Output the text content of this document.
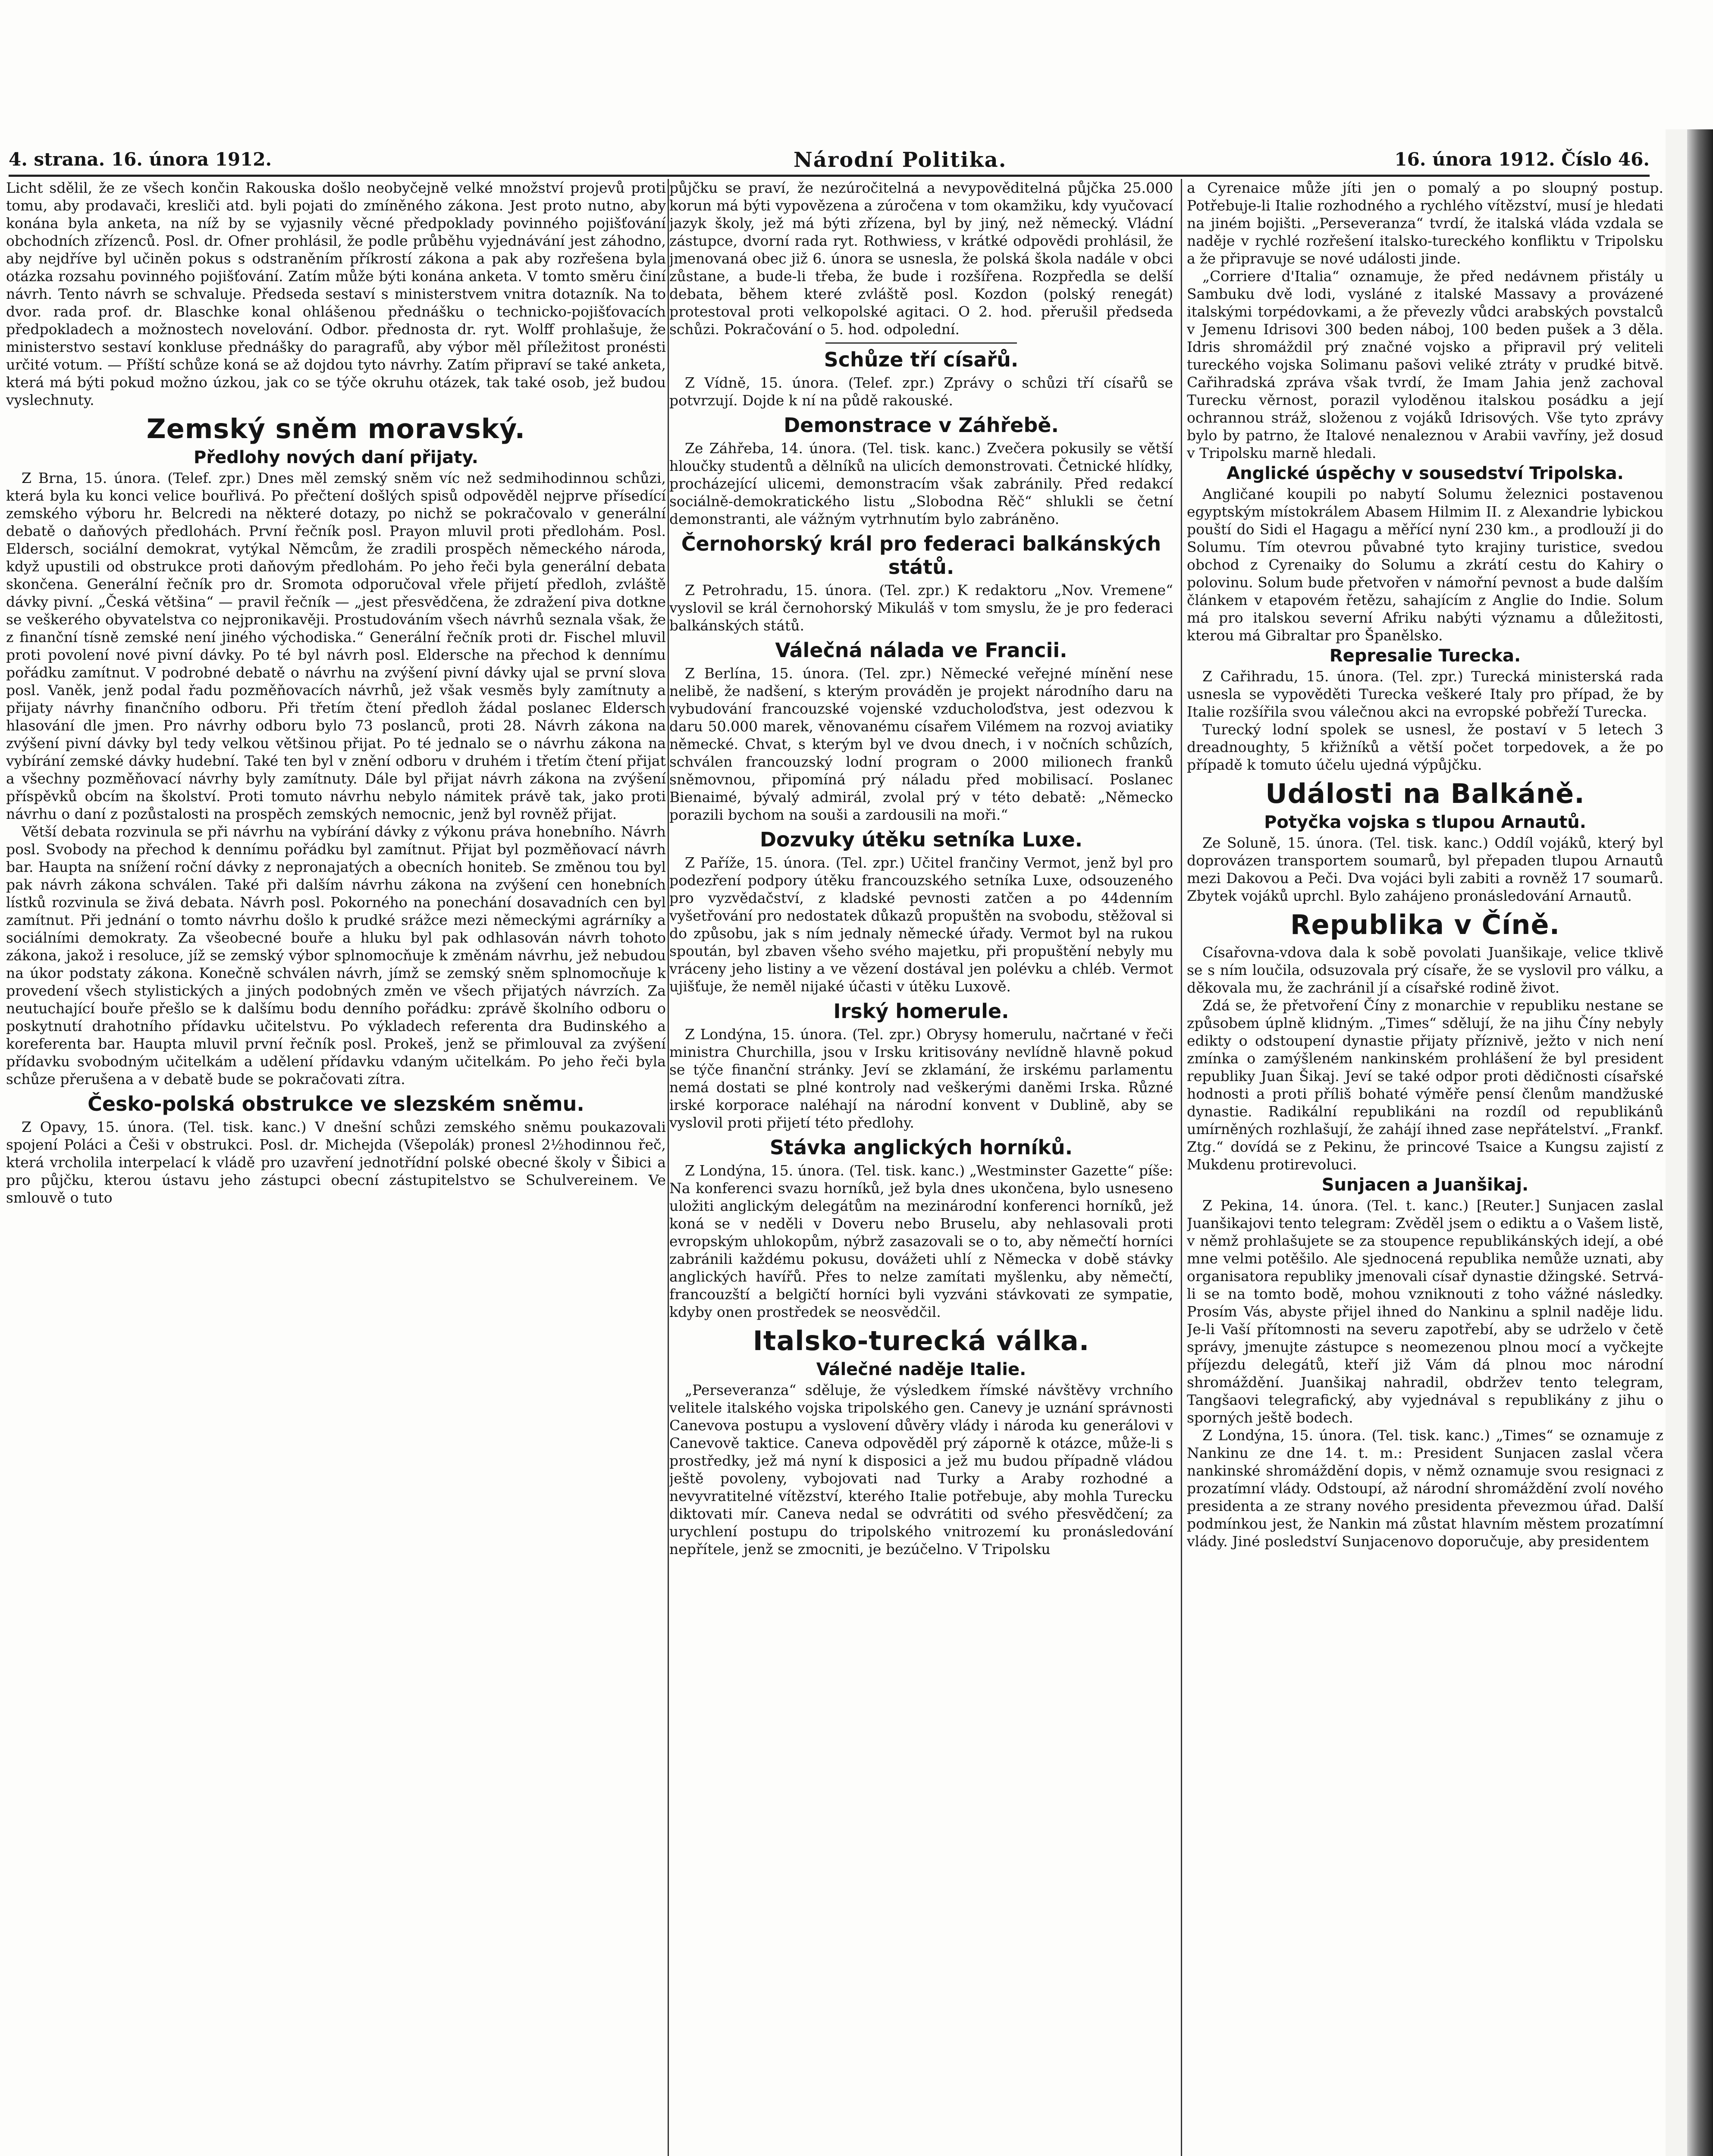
4. strana. 16. února 1912.	Národní Politika.	16. února 1912. Číslo 46.

Licht sdělil, že ze všech končin Rakouska došlo neobyčejně velké množství projevů proti tomu, aby prodavači, kresliči atd. byli pojati do zmíněného zákona. Jest proto nutno, aby konána byla anketa, na níž by se vyjasnily věcné předpoklady povinného pojišťování obchodních zřízenců. Posl. dr. Ofner prohlásil, že podle průběhu vyjednávání jest záhodno, aby nejdříve byl učiněn pokus s odstraněním příkrostí zákona a pak aby rozřešena byla otázka rozsahu povinného pojišťování. Zatím může býti konána anketa. V tomto směru činí návrh. Tento návrh se schvaluje. Předseda sestaví s ministerstvem vnitra dotazník. Na to dvor. rada prof. dr. Blaschke konal ohlášenou přednášku o technicko-pojišťovacích předpokladech a možnostech novelování. Odbor. přednosta dr. ryt. Wolff prohlašuje, že ministerstvo sestaví konkluse přednášky do paragrafů, aby výbor měl příležitost pronésti určité votum. — Příští schůze koná se až dojdou tyto návrhy. Zatím připraví se také anketa, která má býti pokud možno úzkou, jak co se týče okruhu otázek, tak také osob, jež budou vyslechnuty.

Zemský sněm moravský.
Předlohy nových daní přijaty.

Z Brna, 15. února. (Telef. zpr.) Dnes měl zemský sněm víc než sedmihodinnou schůzi, která byla ku konci velice bouřlivá. Po přečtení došlých spisů odpověděl nejprve přísedící zemského výboru hr. Belcredi na některé dotazy, po nichž se pokračovalo v generální debatě o daňových předlohách. První řečník posl. Prayon mluvil proti předlohám. Posl. Eldersch, sociální demokrat, vytýkal Němcům, že zradili prospěch německého národa, když upustili od obstrukce proti daňovým předlohám. Po jeho řeči byla generální debata skončena. Generální řečník pro dr. Sromota odporučoval vřele přijetí předloh, zvláště dávky pivní. „Česká většina“ — pravil řečník — „jest přesvědčena, že zdražení piva dotkne se veškerého obyvatelstva co nejpronikavěji. Prostudováním všech návrhů seznala však, že z finanční tísně zemské není jiného východiska.“ Generální řečník proti dr. Fischel mluvil proti povolení nové pivní dávky. Po té byl návrh posl. Eldersche na přechod k dennímu pořádku zamítnut. V podrobné debatě o návrhu na zvýšení pivní dávky ujal se první slova posl. Vaněk, jenž podal řadu pozměňovacích návrhů, jež však vesměs byly zamítnuty a přijaty návrhy finančního odboru. Při třetím čtení předloh žádal poslanec Eldersch hlasování dle jmen. Pro návrhy odboru bylo 73 poslanců, proti 28. Návrh zákona na zvýšení pivní dávky byl tedy velkou většinou přijat. Po té jednalo se o návrhu zákona na vybírání zemské dávky hudební. Také ten byl v znění odboru v druhém i třetím čtení přijat a všechny pozměňovací návrhy byly zamítnuty. Dále byl přijat návrh zákona na zvýšení příspěvků obcím na školství. Proti tomuto návrhu nebylo námitek právě tak, jako proti návrhu o daní z pozůstalosti na prospěch zemských nemocnic, jenž byl rovněž přijat.

Větší debata rozvinula se při návrhu na vybírání dávky z výkonu práva honebního. Návrh posl. Svobody na přechod k dennímu pořádku byl zamítnut. Přijat byl pozměňovací návrh bar. Haupta na snížení roční dávky z nepronajatých a obecních honiteb. Se změnou tou byl pak návrh zákona schválen. Také při dalším návrhu zákona na zvýšení cen honebních lístků rozvinula se živá debata. Návrh posl. Pokorného na ponechání dosavadních cen byl zamítnut. Při jednání o tomto návrhu došlo k prudké srážce mezi německými agrárníky a sociálními demokraty. Za všeobecné bouře a hluku byl pak odhlasován návrh tohoto zákona, jakož i resoluce, jíž se zemský výbor splnomocňuje k změnám návrhu, jež nebudou na úkor podstaty zákona. Konečně schválen návrh, jímž se zemský sněm splnomocňuje k provedení všech stylistických a jiných podobných změn ve všech přijatých návrzích. Za neutuchající bouře přešlo se k dalšímu bodu denního pořádku: zprávě školního odboru o poskytnutí drahotního přídavku učitelstvu. Po výkladech referenta dra Budinského a koreferenta bar. Haupta mluvil první řečník posl. Prokeš, jenž se přimlouval za zvýšení přídavku svobodným učitelkám a udělení přídavku vdaným učitelkám. Po jeho řeči byla schůze přerušena a v debatě bude se pokračovati zítra.

Česko-polská obstrukce ve slezském sněmu.

Z Opavy, 15. února. (Tel. tisk. kanc.) V dnešní schůzi zemského sněmu poukazovali spojení Poláci a Češi v obstrukci. Posl. dr. Michejda (Všepolák) pronesl 2½hodinnou řeč, která vrcholila interpelací k vládě pro uzavření jednotřídní polské obecné školy v Šibici a pro půjčku, kterou ústavu jeho zástupci obecní zástupitelstvo se Schulvereinem. Ve smlouvě o tuto

půjčku se praví, že nezúročitelná a nevypověditelná půjčka 25.000 korun má býti vypovězena a zúročena v tom okamžiku, kdy vyučovací jazyk školy, jež má býti zřízena, byl by jiný, než německý. Vládní zástupce, dvorní rada ryt. Rothwiess, v krátké odpovědi prohlásil, že jmenovaná obec již 6. února se usnesla, že polská škola nadále v obci zůstane, a bude-li třeba, že bude i rozšířena. Rozpředla se delší debata, během které zvláště posl. Kozdon (polský renegát) protestoval proti velkopolské agitaci. O 2. hod. přerušil předseda schůzi. Pokračování o 5. hod. odpolední.

Schůze tří císařů.

Z Vídně, 15. února. (Telef. zpr.) Zprávy o schůzi tří císařů se potvrzují. Dojde k ní na půdě rakouské.

Demonstrace v Záhřebě.

Ze Záhřeba, 14. února. (Tel. tisk. kanc.) Zvečera pokusily se větší hloučky studentů a dělníků na ulicích demonstrovati. Četnické hlídky, procházející ulicemi, demonstracím však zabránily. Před redakcí sociálně-demokratického listu „Slobodna Rěč“ shlukli se četní demonstranti, ale vážným vytrhnutím bylo zabráněno.

Černohorský král pro federaci balkánských států.

Z Petrohradu, 15. února. (Tel. zpr.) K redaktoru „Nov. Vremene“ vyslovil se král černohorský Mikuláš v tom smyslu, že je pro federaci balkánských států.

Válečná nálada ve Francii.

Z Berlína, 15. února. (Tel. zpr.) Německé veřejné mínění nese nelibě, že nadšení, s kterým prováděn je projekt národního daru na vybudování francouzské vojenské vzducholoďstva, jest odezvou k daru 50.000 marek, věnovanému císařem Vilémem na rozvoj aviatiky německé. Chvat, s kterým byl ve dvou dnech, i v nočních schůzích, schválen francouzský lodní program o 2000 milionech franků sněmovnou, připomíná prý náladu před mobilisací. Poslanec Bienaimé, bývalý admirál, zvolal prý v této debatě: „Německo porazili bychom na souši a zardousili na moři.“

Dozvuky útěku setníka Luxe.

Z Paříže, 15. února. (Tel. zpr.) Učitel frančiny Vermot, jenž byl pro podezření podpory útěku francouzského setníka Luxe, odsouzeného pro vyzvědačství, z kladské pevnosti zatčen a po 44denním vyšetřování pro nedostatek důkazů propuštěn na svobodu, stěžoval si do způsobu, jak s ním jednaly německé úřady. Vermot byl na rukou spoután, byl zbaven všeho svého majetku, při propuštění nebyly mu vráceny jeho listiny a ve vězení dostával jen polévku a chléb. Vermot ujišťuje, že neměl nijaké účasti v útěku Luxově.

Irský homerule.

Z Londýna, 15. února. (Tel. zpr.) Obrysy homerulu, načrtané v řeči ministra Churchilla, jsou v Irsku kritisovány nevlídně hlavně pokud se týče finanční stránky. Jeví se zklamání, že irskému parlamentu nemá dostati se plné kontroly nad veškerými daněmi Irska. Různé irské korporace naléhají na národní konvent v Dublině, aby se vyslovil proti přijetí této předlohy.

Stávka anglických horníků.

Z Londýna, 15. února. (Tel. tisk. kanc.) „Westminster Gazette“ píše: Na konferenci svazu horníků, jež byla dnes ukončena, bylo usneseno uložiti anglickým delegátům na mezinárodní konferenci horníků, jež koná se v neděli v Doveru nebo Bruselu, aby nehlasovali proti evropským uhlokopům, nýbrž zasazovali se o to, aby němečtí horníci zabránili každému pokusu, dovážeti uhlí z Německa v době stávky anglických havířů. Přes to nelze zamítati myšlenku, aby němečtí, francouzští a belgičtí horníci byli vyzváni stávkovati ze sympatie, kdyby onen prostředek se neosvědčil.

Italsko-turecká válka.
Válečné naděje Italie.

„Perseveranza“ sděluje, že výsledkem římské návštěvy vrchního velitele italského vojska tripolského gen. Canevy je uznání správnosti Canevova postupu a vyslovení důvěry vlády i národa ku generálovi v Canevově taktice. Caneva odpověděl prý záporně k otázce, může-li s prostředky, jež má nyní k disposici a jež mu budou případně vládou ještě povoleny, vybojovati nad Turky a Araby rozhodné a nevyvratitelné vítězství, kterého Italie potřebuje, aby mohla Turecku diktovati mír. Caneva nedal se odvrátiti od svého přesvědčení; za urychlení postupu do tripolského vnitrozemí ku pronásledování nepřítele, jenž se zmocniti, je bezúčelno. V Tripolsku

a Cyrenaice může jíti jen o pomalý a po sloupný postup. Potřebuje-li Italie rozhodného a rychlého vítězství, musí je hledati na jiném bojišti. „Perseveranza“ tvrdí, že italská vláda vzdala se naděje v rychlé rozřešení italsko-tureckého konfliktu v Tripolsku a že připravuje se nové události jinde.

„Corriere d'Italia“ oznamuje, že před nedávnem přistály u Sambuku dvě lodi, vysláné z italské Massavy a provázené italskými torpédovkami, a že převezly vůdci arabských povstalců v Jemenu Idrisovi 300 beden náboj, 100 beden pušek a 3 děla. Idris shromáždil prý značné vojsko a připravil prý veliteli tureckého vojska Solimanu pašovi veliké ztráty v prudké bitvě. Cařihradská zpráva však tvrdí, že Imam Jahia jenž zachoval Turecku věrnost, porazil vyloděnou italskou posádku a její ochrannou stráž, složenou z vojáků Idrisových. Vše tyto zprávy bylo by patrno, že Italové nenaleznou v Arabii vavříny, jež dosud v Tripolsku marně hledali.

Anglické úspěchy v sousedství Tripolska.

Angličané koupili po nabytí Solumu železnici postavenou egyptským místokrálem Abasem Hilmim II. z Alexandrie lybickou pouští do Sidi el Hagagu a měřící nyní 230 km., a prodlouží ji do Solumu. Tím otevrou půvabné tyto krajiny turistice, svedou obchod z Cyrenaiky do Solumu a zkrátí cestu do Kahiry o polovinu. Solum bude přetvořen v námořní pevnost a bude dalším článkem v etapovém řetězu, sahajícím z Anglie do Indie. Solum má pro italskou severní Afriku nabýti významu a důležitosti, kterou má Gibraltar pro Španělsko.

Represalie Turecka.

Z Cařihradu, 15. února. (Tel. zpr.) Turecká ministerská rada usnesla se vypověděti Turecka veškeré Italy pro případ, že by Italie rozšířila svou válečnou akci na evropské pobřeží Turecka.

Turecký lodní spolek se usnesl, že postaví v 5 letech 3 dreadnoughty, 5 křižníků a větší počet torpedovek, a že po případě k tomuto účelu ujedná výpůjčku.

Události na Balkáně.
Potyčka vojska s tlupou Arnautů.

Ze Soluně, 15. února. (Tel. tisk. kanc.) Oddíl vojáků, který byl doprovázen transportem soumarů, byl přepaden tlupou Arnautů mezi Dakovou a Peči. Dva vojáci byli zabiti a rovněž 17 soumarů. Zbytek vojáků uprchl. Bylo zahájeno pronásledování Arnautů.

Republika v Číně.

Císařovna-vdova dala k sobě povolati Juanšikaje, velice tklivě se s ním loučila, odsuzovala prý císaře, že se vyslovil pro válku, a děkovala mu, že zachránil jí a císařské rodině život.

Zdá se, že přetvoření Číny z monarchie v republiku nestane se způsobem úplně klidným. „Times“ sdělují, že na jihu Číny nebyly edikty o odstoupení dynastie přijaty příznivě, ježto v nich není zmínka o zamýšleném nankinském prohlášení že byl president republiky Juan Šikaj. Jeví se také odpor proti dědičnosti císařské hodnosti a proti příliš bohaté výměře pensí členům mandžuské dynastie. Radikální republikáni na rozdíl od republikánů umírněných rozhlašují, že zahájí ihned zase nepřátelství. „Frankf. Ztg.“ dovídá se z Pekinu, že princové Tsaice a Kungsu zajistí z Mukdenu protirevoluci.

Sunjacen a Juanšikaj.

Z Pekina, 14. února. (Tel. t. kanc.) [Reuter.] Sunjacen zaslal Juanšikajovi tento telegram: Zvěděl jsem o ediktu a o Vašem listě, v němž prohlašujete se za stoupence republikánských idejí, a obé mne velmi potěšilo. Ale sjednocená republika nemůže uznati, aby organisatora republiky jmenovali císař dynastie džingské. Setrvá-li se na tomto bodě, mohou vzniknouti z toho vážné následky. Prosím Vás, abyste přijel ihned do Nankinu a splnil naděje lidu. Je-li Vaší přítomnosti na severu zapotřebí, aby se udrželo v četě správy, jmenujte zástupce s neomezenou plnou mocí a vyčkejte příjezdu delegátů, kteří již Vám dá plnou moc národní shromáždění. Juanšikaj nahradil, obdržev tento telegram, Tangšaovi telegrafický, aby vyjednával s republikány z jihu o sporných ještě bodech.

Z Londýna, 15. února. (Tel. tisk. kanc.) „Times“ se oznamuje z Nankinu ze dne 14. t. m.: President Sunjacen zaslal včera nankinské shromáždění dopis, v němž oznamuje svou resignaci z prozatímní vlády. Odstoupí, až národní shromáždění zvolí nového presidenta a ze strany nového presidenta převezmou úřad. Další podmínkou jest, že Nankin má zůstat hlavním městem prozatímní vlády. Jiné posledství Sunjacenovo doporučuje, aby presidentem
